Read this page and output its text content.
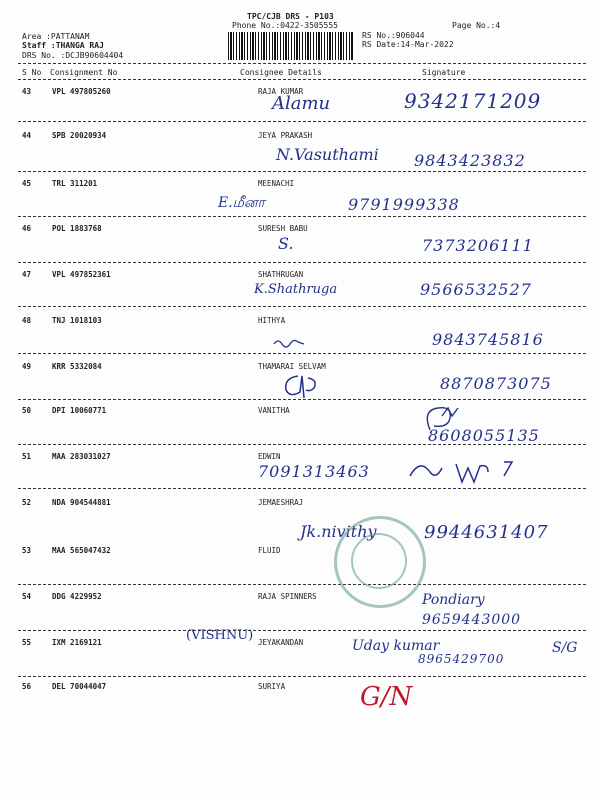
TPC/CJB DRS - P103
Phone No.:0422-3505555	Page No.:4
Area :PATTANAM
Staff :THANGA RAJ
DRS No. :DCJB90604404
RS No.:906044
RS Date:14-Mar-2022
S No Consignment No	Consignee Details	Signature
43	VPL 497805260	RAJA KUMAR
Alamu	9342171209
44	SPB 20020934	JEYA PRAKASH
N.Vasuthami 9843423832
45	TRL 311201	MEENACHI
E.மீனா	9791999338
46	POL 1883768	SURESH BABU
S.	7373206111
47	VPL 497852361	SHATHRUGAN
K.Shathruga	9566532527
48	TNJ 1018103	HITHYA
9843745816
49	KRR 5332084	THAMARAI SELVAM
8870873075
50	DPI 10060771	VANITHA
8608055135
51	MAA 283031027	EDWIN
7091313463
52	NDA 904544881	JEMAESHRAJ
Jk.nivithy	9944631407
53	MAA 565047432	FLUID
54	DDG 4229952	RAJA SPINNERS	Pondiary
9659443000
55	IXM 2169121	JEYAKANDAN
(VISHNU)
Uday kumar
8965429700
S/G
56	DEL 70044047	SURIYA	G/N
